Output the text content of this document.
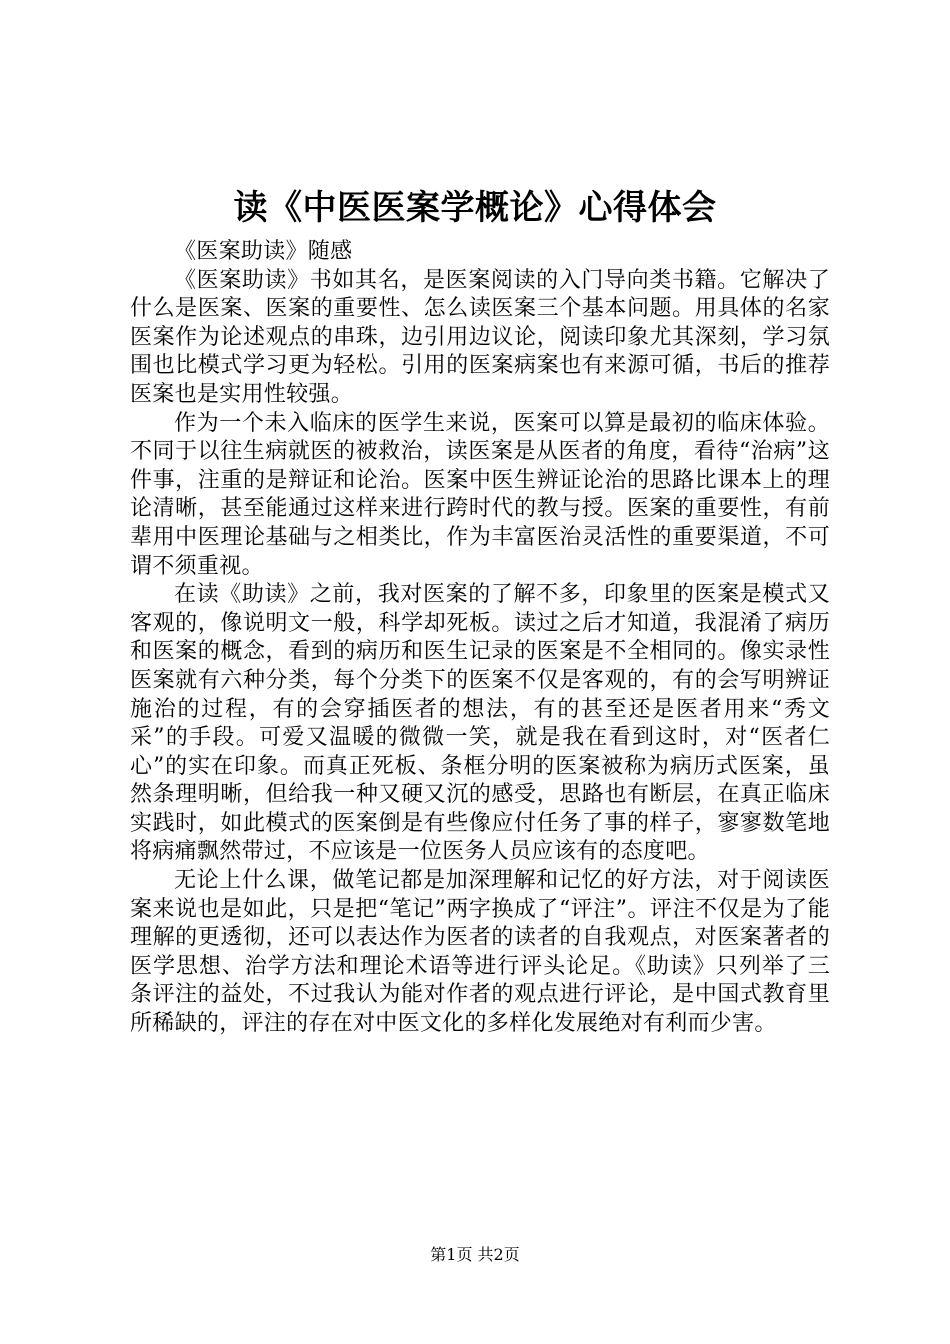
读《中医医案学概论》心得体会

《医案助读》随感

《医案助读》书如其名，是医案阅读的入门导向类书籍。它解决了什么是医案、医案的重要性、怎么读医案三个基本问题。用具体的名家医案作为论述观点的串珠，边引用边议论，阅读印象尤其深刻，学习氛围也比模式学习更为轻松。引用的医案病案也有来源可循，书后的推荐医案也是实用性较强。

作为一个未入临床的医学生来说，医案可以算是最初的临床体验。不同于以往生病就医的被救治，读医案是从医者的角度，看待“治病”这件事，注重的是辩证和论治。医案中医生辨证论治的思路比课本上的理论清晰，甚至能通过这样来进行跨时代的教与授。医案的重要性，有前辈用中医理论基础与之相类比，作为丰富医治灵活性的重要渠道，不可谓不须重视。

在读《助读》之前，我对医案的了解不多，印象里的医案是模式又客观的，像说明文一般，科学却死板。读过之后才知道，我混淆了病历和医案的概念，看到的病历和医生记录的医案是不全相同的。像实录性医案就有六种分类，每个分类下的医案不仅是客观的，有的会写明辨证施治的过程，有的会穿插医者的想法，有的甚至还是医者用来“秀文采”的手段。可爱又温暖的微微一笑，就是我在看到这时，对“医者仁心”的实在印象。而真正死板、条框分明的医案被称为病历式医案，虽然条理明晰，但给我一种又硬又沉的感受，思路也有断层，在真正临床实践时，如此模式的医案倒是有些像应付任务了事的样子，寥寥数笔地将病痛飘然带过，不应该是一位医务人员应该有的态度吧。

无论上什么课，做笔记都是加深理解和记忆的好方法，对于阅读医案来说也是如此，只是把“笔记”两字换成了“评注”。评注不仅是为了能理解的更透彻，还可以表达作为医者的读者的自我观点，对医案著者的医学思想、治学方法和理论术语等进行评头论足。《助读》只列举了三条评注的益处，不过我认为能对作者的观点进行评论，是中国式教育里所稀缺的，评注的存在对中医文化的多样化发展绝对有利而少害。

第1页 共2页
